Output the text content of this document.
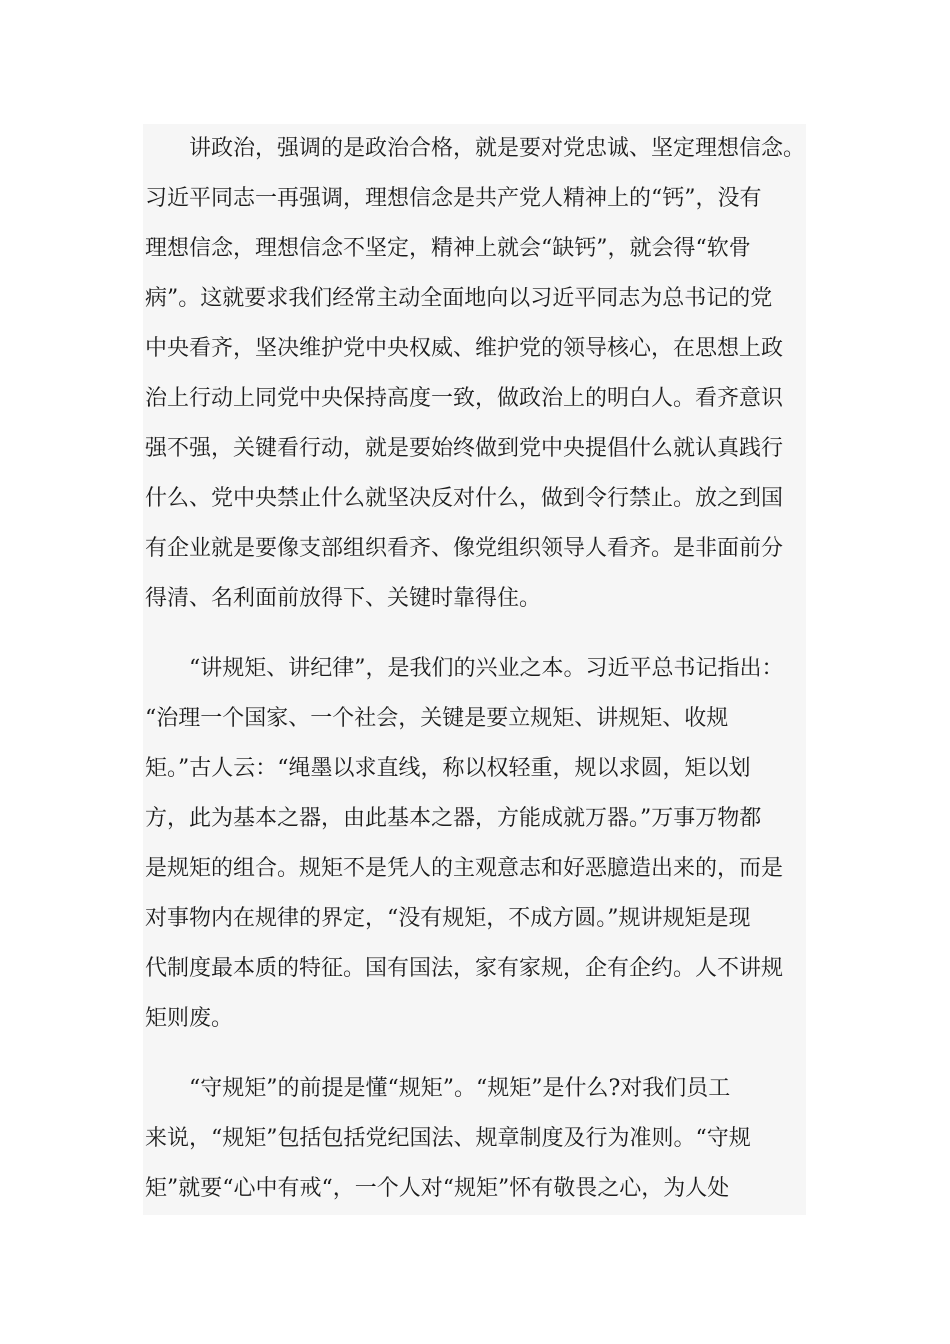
　　讲政治，强调的是政治合格，就是要对党忠诚、坚定理想信念。
习近平同志一再强调，理想信念是共产党人精神上的“钙”，没有
理想信念，理想信念不坚定，精神上就会“缺钙”，就会得“软骨
病”。这就要求我们经常主动全面地向以习近平同志为总书记的党
中央看齐，坚决维护党中央权威、维护党的领导核心，在思想上政
治上行动上同党中央保持高度一致，做政治上的明白人。看齐意识
强不强，关键看行动，就是要始终做到党中央提倡什么就认真践行
什么、党中央禁止什么就坚决反对什么，做到令行禁止。放之到国
有企业就是要像支部组织看齐、像党组织领导人看齐。是非面前分
得清、名利面前放得下、关键时靠得住。

　　“讲规矩、讲纪律”，是我们的兴业之本。习近平总书记指出：
“治理一个国家、一个社会，关键是要立规矩、讲规矩、收规
矩。”古人云：“绳墨以求直线，称以权轻重，规以求圆，矩以划
方，此为基本之器，由此基本之器，方能成就万器。”万事万物都
是规矩的组合。规矩不是凭人的主观意志和好恶臆造出来的，而是
对事物内在规律的界定，“没有规矩，不成方圆。”规讲规矩是现
代制度最本质的特征。国有国法，家有家规，企有企约。人不讲规
矩则废。

　　“守规矩”的前提是懂“规矩”。“规矩”是什么?对我们员工
来说，“规矩”包括包括党纪国法、规章制度及行为准则。“守规
矩”就要“心中有戒“，一个人对“规矩”怀有敬畏之心，为人处
